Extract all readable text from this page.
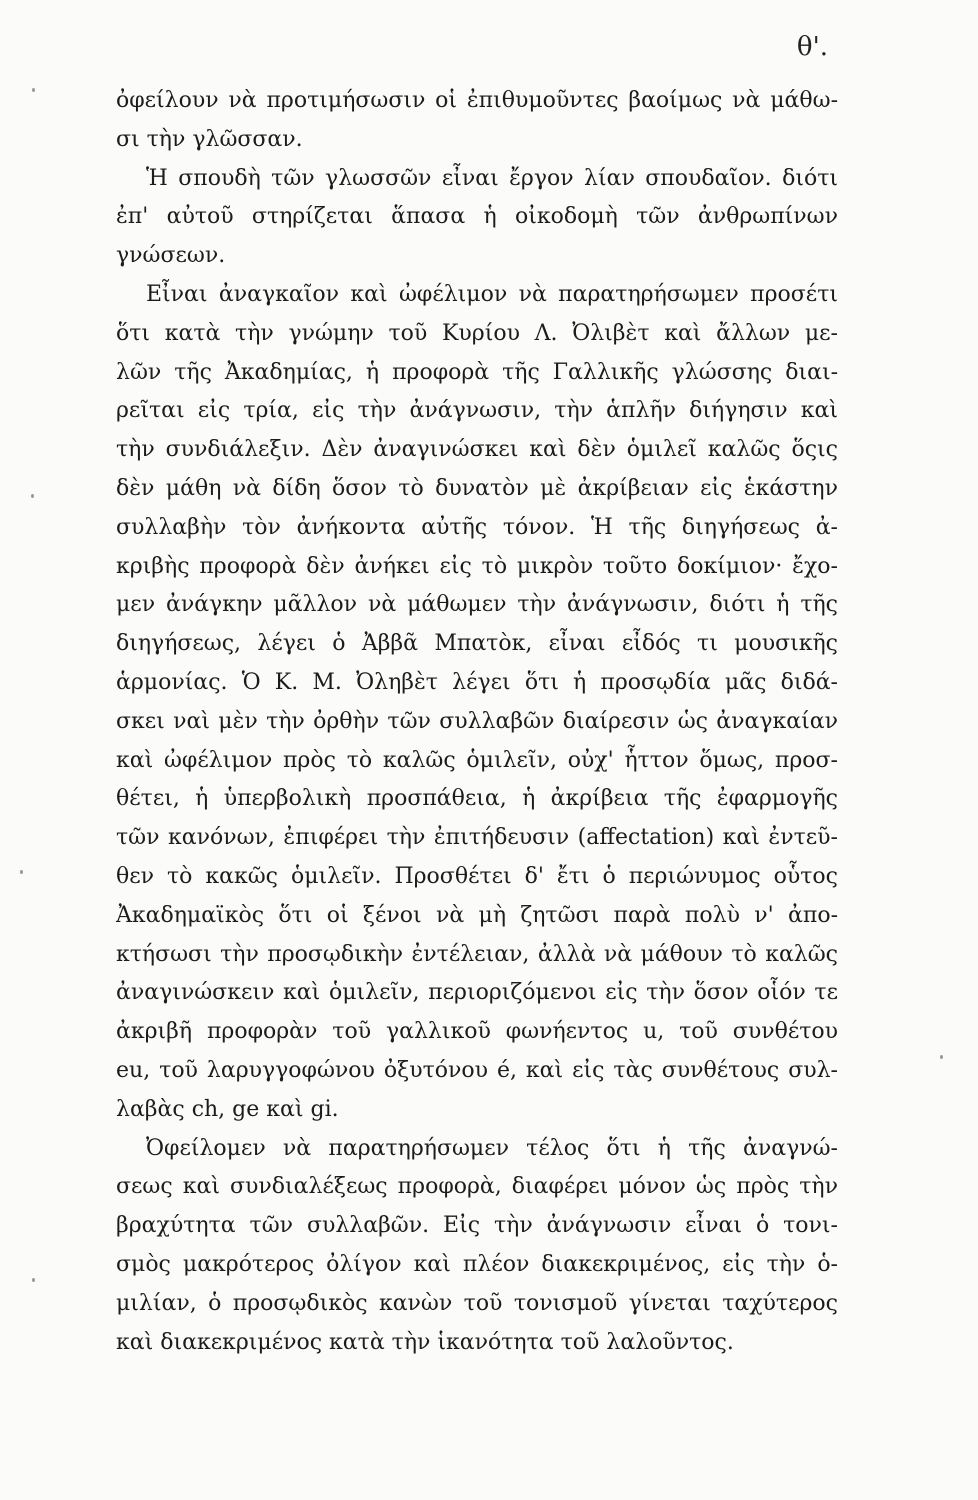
θ'.
ὀφείλουν νὰ προτιμήσωσιν οἱ ἐπιθυμοῦντες βαοίμως νὰ μάθω-
σι τὴν γλῶσσαν.
Ἡ σπουδὴ τῶν γλωσσῶν εἶναι ἔργον λίαν σπουδαῖον. διότι
ἐπ' αὐτοῦ στηρίζεται ἅπασα ἡ οἰκοδομὴ τῶν ἀνθρωπίνων
γνώσεων.
Εἶναι ἀναγκαῖον καὶ ὠφέλιμον νὰ παρατηρήσωμεν προσέτι
ὅτι κατὰ τὴν γνώμην τοῦ Κυρίου Λ. Ὀλιβὲτ καὶ ἄλλων με-
λῶν τῆς Ἀκαδημίας, ἡ προφορὰ τῆς Γαλλικῆς γλώσσης διαι-
ρεῖται εἰς τρία, εἰς τὴν ἀνάγνωσιν, τὴν ἁπλῆν διήγησιν καὶ
τὴν συνδιάλεξιν. Δὲν ἀναγινώσκει καὶ δὲν ὁμιλεῖ καλῶς ὅςις
δὲν μάθη νὰ δίδη ὅσον τὸ δυνατὸν μὲ ἀκρίβειαν εἰς ἑκάστην
συλλαβὴν τὸν ἀνήκοντα αὐτῆς τόνον. Ἡ τῆς διηγήσεως ἀ-
κριβὴς προφορὰ δὲν ἀνήκει εἰς τὸ μικρὸν τοῦτο δοκίμιον· ἔχο-
μεν ἀνάγκην μᾶλλον νὰ μάθωμεν τὴν ἀνάγνωσιν, διότι ἡ τῆς
διηγήσεως, λέγει ὁ Ἀββᾶ Μπατὸκ, εἶναι εἶδός τι μουσικῆς
ἁρμονίας. Ὁ Κ. Μ. Ὀληβὲτ λέγει ὅτι ἡ προσῳδία μᾶς διδά-
σκει ναὶ μὲν τὴν ὀρθὴν τῶν συλλαβῶν διαίρεσιν ὡς ἀναγκαίαν
καὶ ὠφέλιμον πρὸς τὸ καλῶς ὁμιλεῖν, οὐχ' ἧττον ὅμως, προσ-
θέτει, ἡ ὑπερβολικὴ προσπάθεια, ἡ ἀκρίβεια τῆς ἐφαρμογῆς
τῶν κανόνων, ἐπιφέρει τὴν ἐπιτήδευσιν (affectation) καὶ ἐντεῦ-
θεν τὸ κακῶς ὁμιλεῖν. Προσθέτει δ' ἔτι ὁ περιώνυμος οὗτος
Ἀκαδημαϊκὸς ὅτι οἱ ξένοι νὰ μὴ ζητῶσι παρὰ πολὺ ν' ἀπο-
κτήσωσι τὴν προσῳδικὴν ἐντέλειαν, ἀλλὰ νὰ μάθουν τὸ καλῶς
ἀναγινώσκειν καὶ ὁμιλεῖν, περιοριζόμενοι εἰς τὴν ὅσον οἷόν τε
ἀκριβῆ προφορὰν τοῦ γαλλικοῦ φωνήεντος u, τοῦ συνθέτου
eu, τοῦ λαρυγγοφώνου ὀξυτόνου é, καὶ εἰς τὰς συνθέτους συλ-
λαβὰς ch, ge καὶ gi.
Ὀφείλομεν νὰ παρατηρήσωμεν τέλος ὅτι ἡ τῆς ἀναγνώ-
σεως καὶ συνδιαλέξεως προφορὰ, διαφέρει μόνον ὡς πρὸς τὴν
βραχύτητα τῶν συλλαβῶν. Εἰς τὴν ἀνάγνωσιν εἶναι ὁ τονι-
σμὸς μακρότερος ὀλίγον καὶ πλέον διακεκριμένος, εἰς τὴν ὁ-
μιλίαν, ὁ προσῳδικὸς κανὼν τοῦ τονισμοῦ γίνεται ταχύτερος
καὶ διακεκριμένος κατὰ τὴν ἱκανότητα τοῦ λαλοῦντος.
